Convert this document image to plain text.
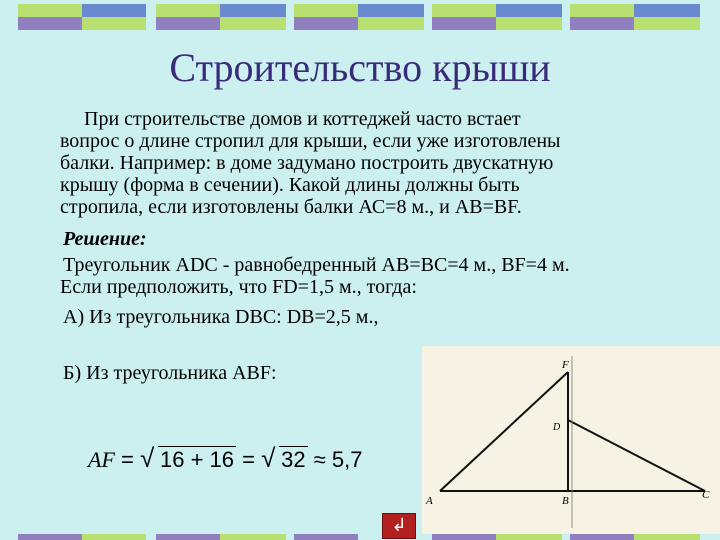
Строительство крыши
При строительстве домов и коттеджей часто встает
вопрос о длине стропил для крыши, если уже изготовлены
балки. Например: в доме задумано построить двускатную
крышу (форма в сечении). Какой длины должны быть
стропила, если изготовлены балки АС=8 м., и АВ=BF.
Решение:
Треугольник ADC - равнобедренный АВ=ВС=4 м., BF=4 м.
Если предположить, что FD=1,5 м., тогда:
А) Из треугольника DBC: DB=2,5 м.,
Б) Из треугольника ABF:
AF = √ 16 + 16 = √ 32 ≈ 5,7
F
D
A	B	C
↲
